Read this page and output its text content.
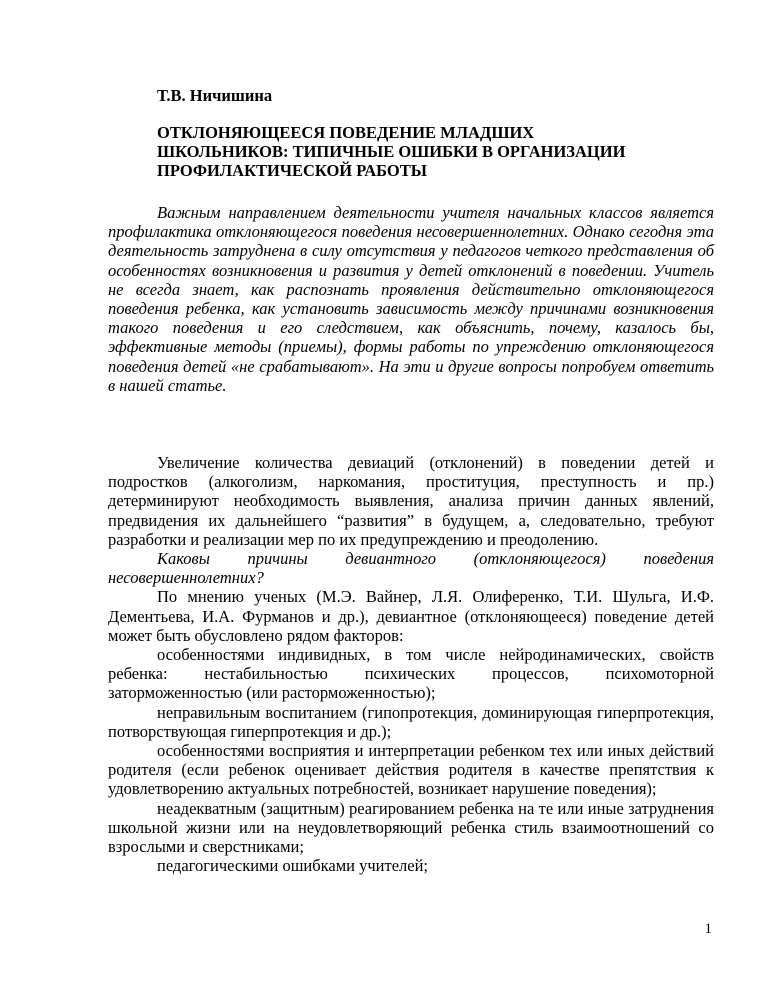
Т.В. Ничишина
ОТКЛОНЯЮЩЕЕСЯ ПОВЕДЕНИЕ МЛАДШИХ
ШКОЛЬНИКОВ: ТИПИЧНЫЕ ОШИБКИ В ОРГАНИЗАЦИИ
ПРОФИЛАКТИЧЕСКОЙ РАБОТЫ

Важным направлением деятельности учителя начальных классов является профилактика отклоняющегося поведения несовершеннолетних. Однако сегодня эта деятельность затруднена в силу отсутствия у педагогов четкого представления об особенностях возникновения и развития у детей отклонений в поведении. Учитель не всегда знает, как распознать проявления действительно отклоняющегося поведения ребенка, как установить зависимость между причинами возникновения такого поведения и его следствием, как объяснить, почему, казалось бы, эффективные методы (приемы), формы работы по упреждению отклоняющегося поведения детей «не срабатывают». На эти и другие вопросы попробуем ответить в нашей статье.

Увеличение количества девиаций (отклонений) в поведении детей и подростков (алкоголизм, наркомания, проституция, преступность и пр.) детерминируют необходимость выявления, анализа причин данных явлений, предвидения их дальнейшего “развития” в будущем, а, следовательно, требуют разработки и реализации мер по их предупреждению и преодолению.

Каковы причины девиантного (отклоняющегося) поведения несовершеннолетних?

По мнению ученых (М.Э. Вайнер, Л.Я. Олиференко, Т.И. Шульга, И.Ф. Дементьева, И.А. Фурманов и др.), девиантное (отклоняющееся) поведение детей может быть обусловлено рядом факторов:

особенностями индивидных, в том числе нейродинамических, свойств ребенка: нестабильностью психических процессов, психомоторной заторможенностью (или расторможенностью);

неправильным воспитанием (гипопротекция, доминирующая гиперпротекция, потворствующая гиперпротекция и др.);

особенностями восприятия и интерпретации ребенком тех или иных действий родителя (если ребенок оценивает действия родителя в качестве препятствия к удовлетворению актуальных потребностей, возникает нарушение поведения);

неадекватным (защитным) реагированием ребенка на те или иные затруднения школьной жизни или на неудовлетворяющий ребенка стиль взаимоотношений со взрослыми и сверстниками;

педагогическими ошибками учителей;

1
